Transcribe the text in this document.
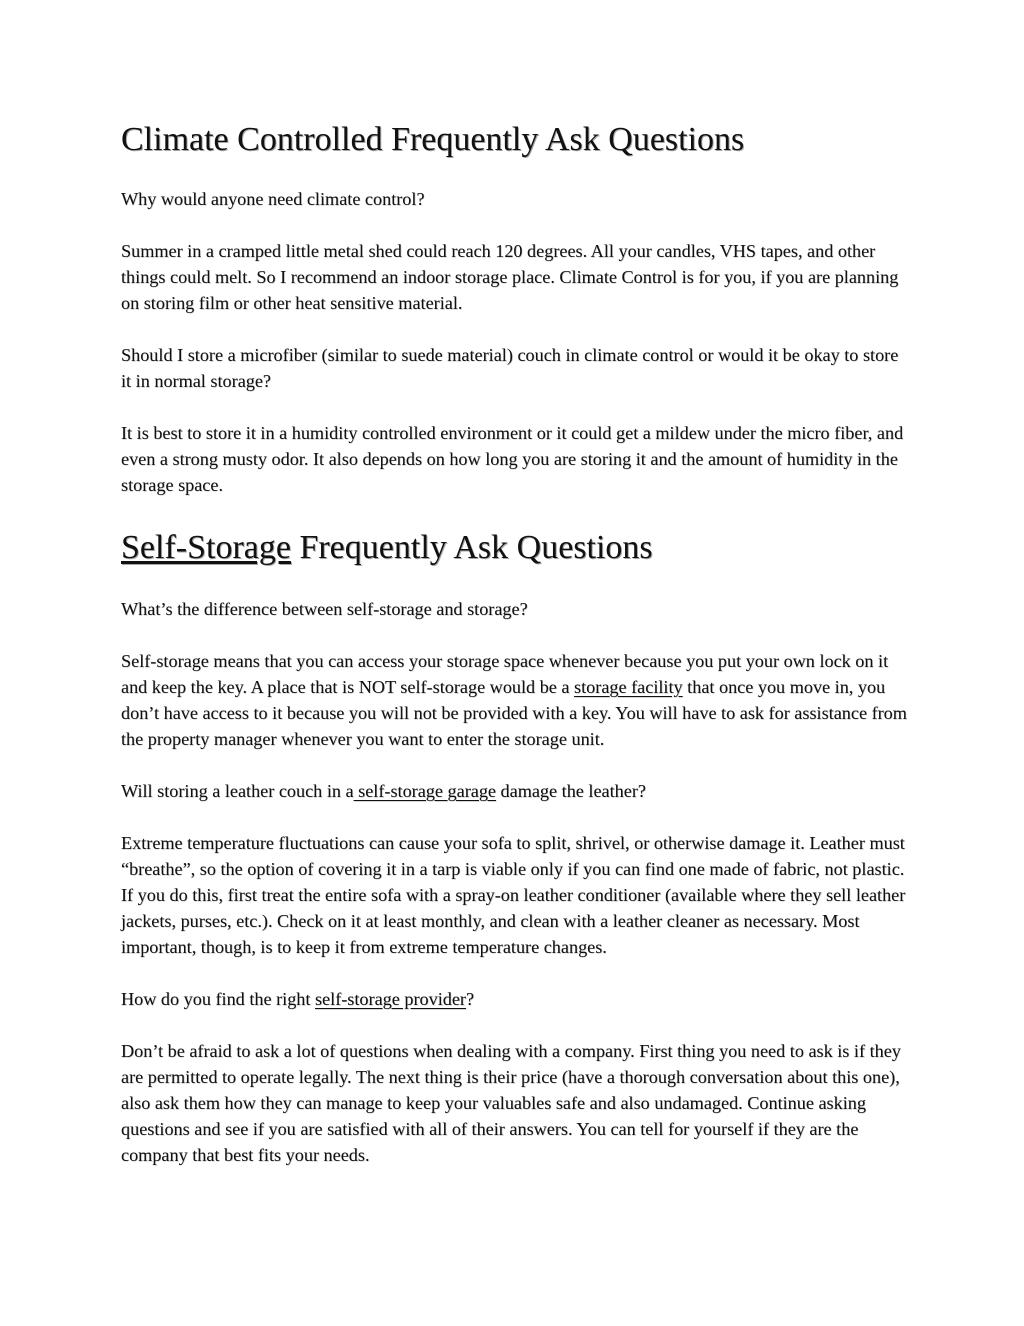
Climate Controlled Frequently Ask Questions

Why would anyone need climate control?

Summer in a cramped little metal shed could reach 120 degrees. All your candles, VHS tapes, and other things could melt. So I recommend an indoor storage place. Climate Control is for you, if you are planning on storing film or other heat sensitive material.

Should I store a microfiber (similar to suede material) couch in climate control or would it be okay to store it in normal storage?

It is best to store it in a humidity controlled environment or it could get a mildew under the micro fiber, and even a strong musty odor. It also depends on how long you are storing it and the amount of humidity in the storage space.

Self-Storage Frequently Ask Questions

What’s the difference between self-storage and storage?

Self-storage means that you can access your storage space whenever because you put your own lock on it and keep the key. A place that is NOT self-storage would be a storage facility that once you move in, you don’t have access to it because you will not be provided with a key. You will have to ask for assistance from the property manager whenever you want to enter the storage unit.

Will storing a leather couch in a self-storage garage damage the leather?

Extreme temperature fluctuations can cause your sofa to split, shrivel, or otherwise damage it. Leather must “breathe”, so the option of covering it in a tarp is viable only if you can find one made of fabric, not plastic. If you do this, first treat the entire sofa with a spray-on leather conditioner (available where they sell leather jackets, purses, etc.). Check on it at least monthly, and clean with a leather cleaner as necessary. Most important, though, is to keep it from extreme temperature changes.

How do you find the right self-storage provider?

Don’t be afraid to ask a lot of questions when dealing with a company. First thing you need to ask is if they are permitted to operate legally. The next thing is their price (have a thorough conversation about this one), also ask them how they can manage to keep your valuables safe and also undamaged. Continue asking questions and see if you are satisfied with all of their answers. You can tell for yourself if they are the company that best fits your needs.
